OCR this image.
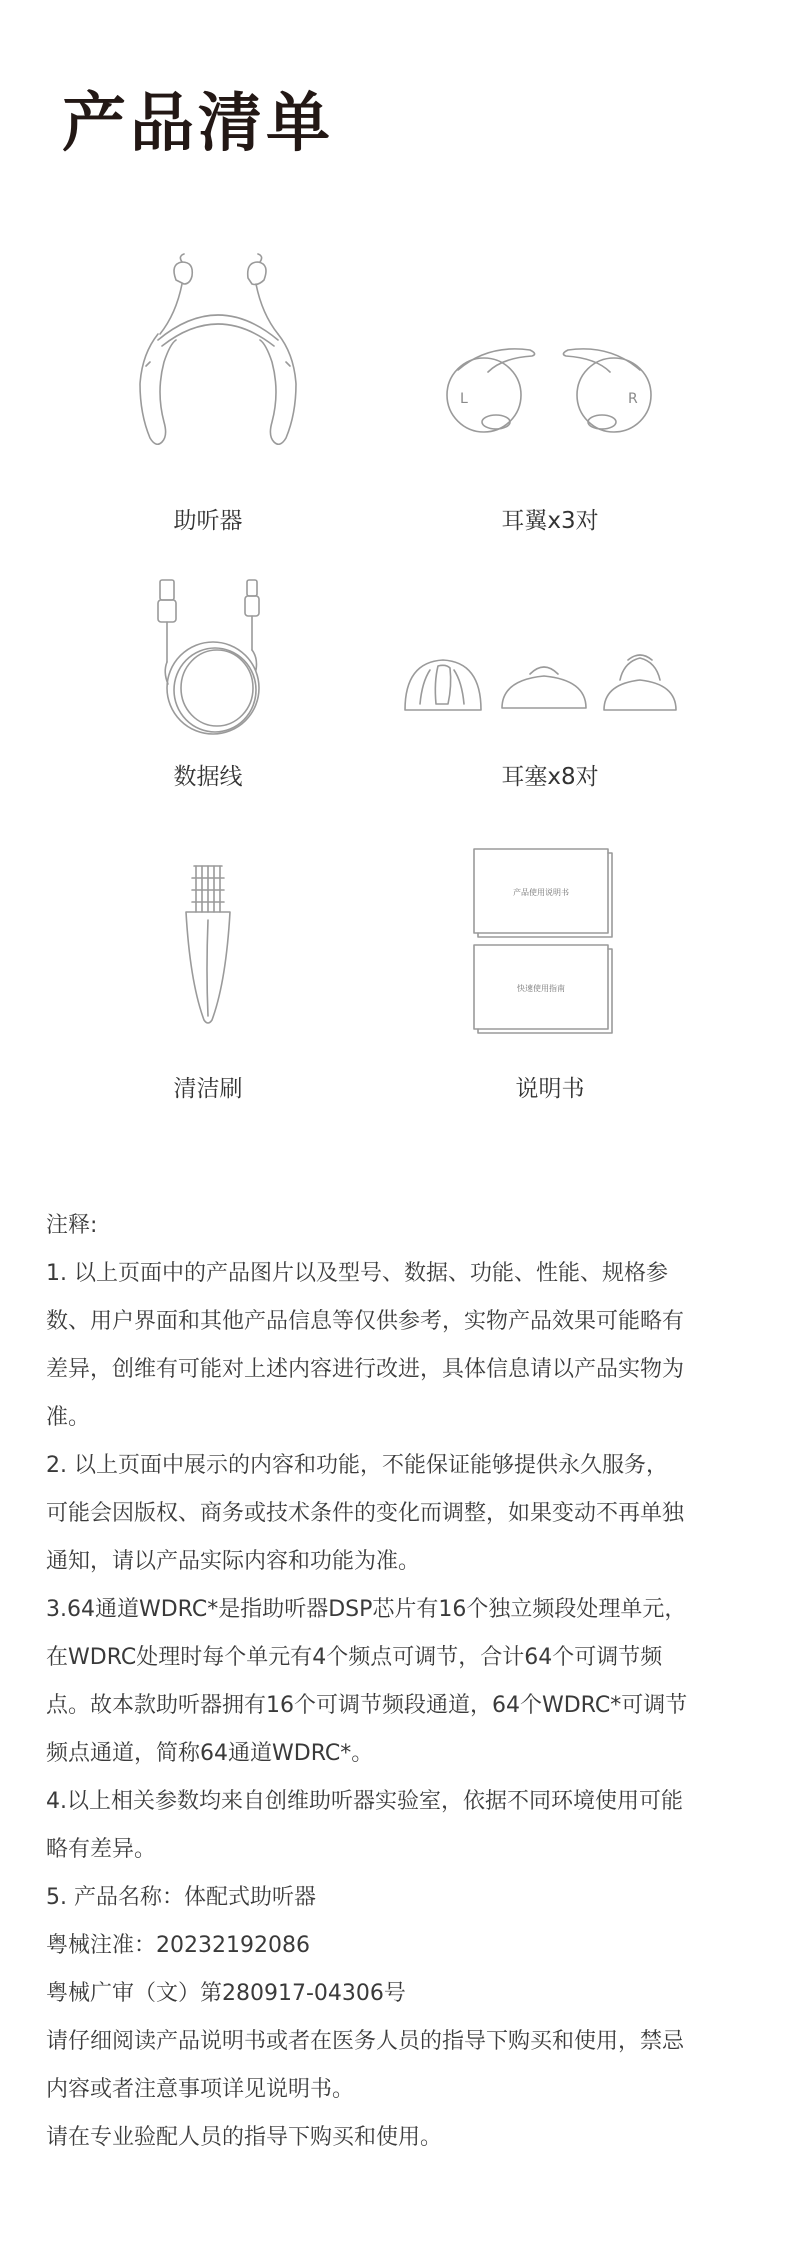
产品清单
助听器
L	R
耳翼x3对
数据线	耳塞x8对
清洁刷
产品使用说明书
快速使用指南
说明书

注释:

1. 以上页面中的产品图片以及型号、数据、功能、性能、规格参

数、用户界面和其他产品信息等仅供参考，实物产品效果可能略有

差异，创维有可能对上述内容进行改进，具体信息请以产品实物为

准。

2. 以上页面中展示的内容和功能，不能保证能够提供永久服务，

可能会因版权、商务或技术条件的变化而调整，如果变动不再单独

通知，请以产品实际内容和功能为准。

3.64通道WDRC*是指助听器DSP芯片有16个独立频段处理单元，

在WDRC处理时每个单元有4个频点可调节，合计64个可调节频

点。故本款助听器拥有16个可调节频段通道，64个WDRC*可调节

频点通道，简称64通道WDRC*。

4.以上相关参数均来自创维助听器实验室，依据不同环境使用可能

略有差异。

5. 产品名称：体配式助听器

粤械注准：20232192086

粤械广审（文）第280917-04306号

请仔细阅读产品说明书或者在医务人员的指导下购买和使用，禁忌

内容或者注意事项详见说明书。

请在专业验配人员的指导下购买和使用。
